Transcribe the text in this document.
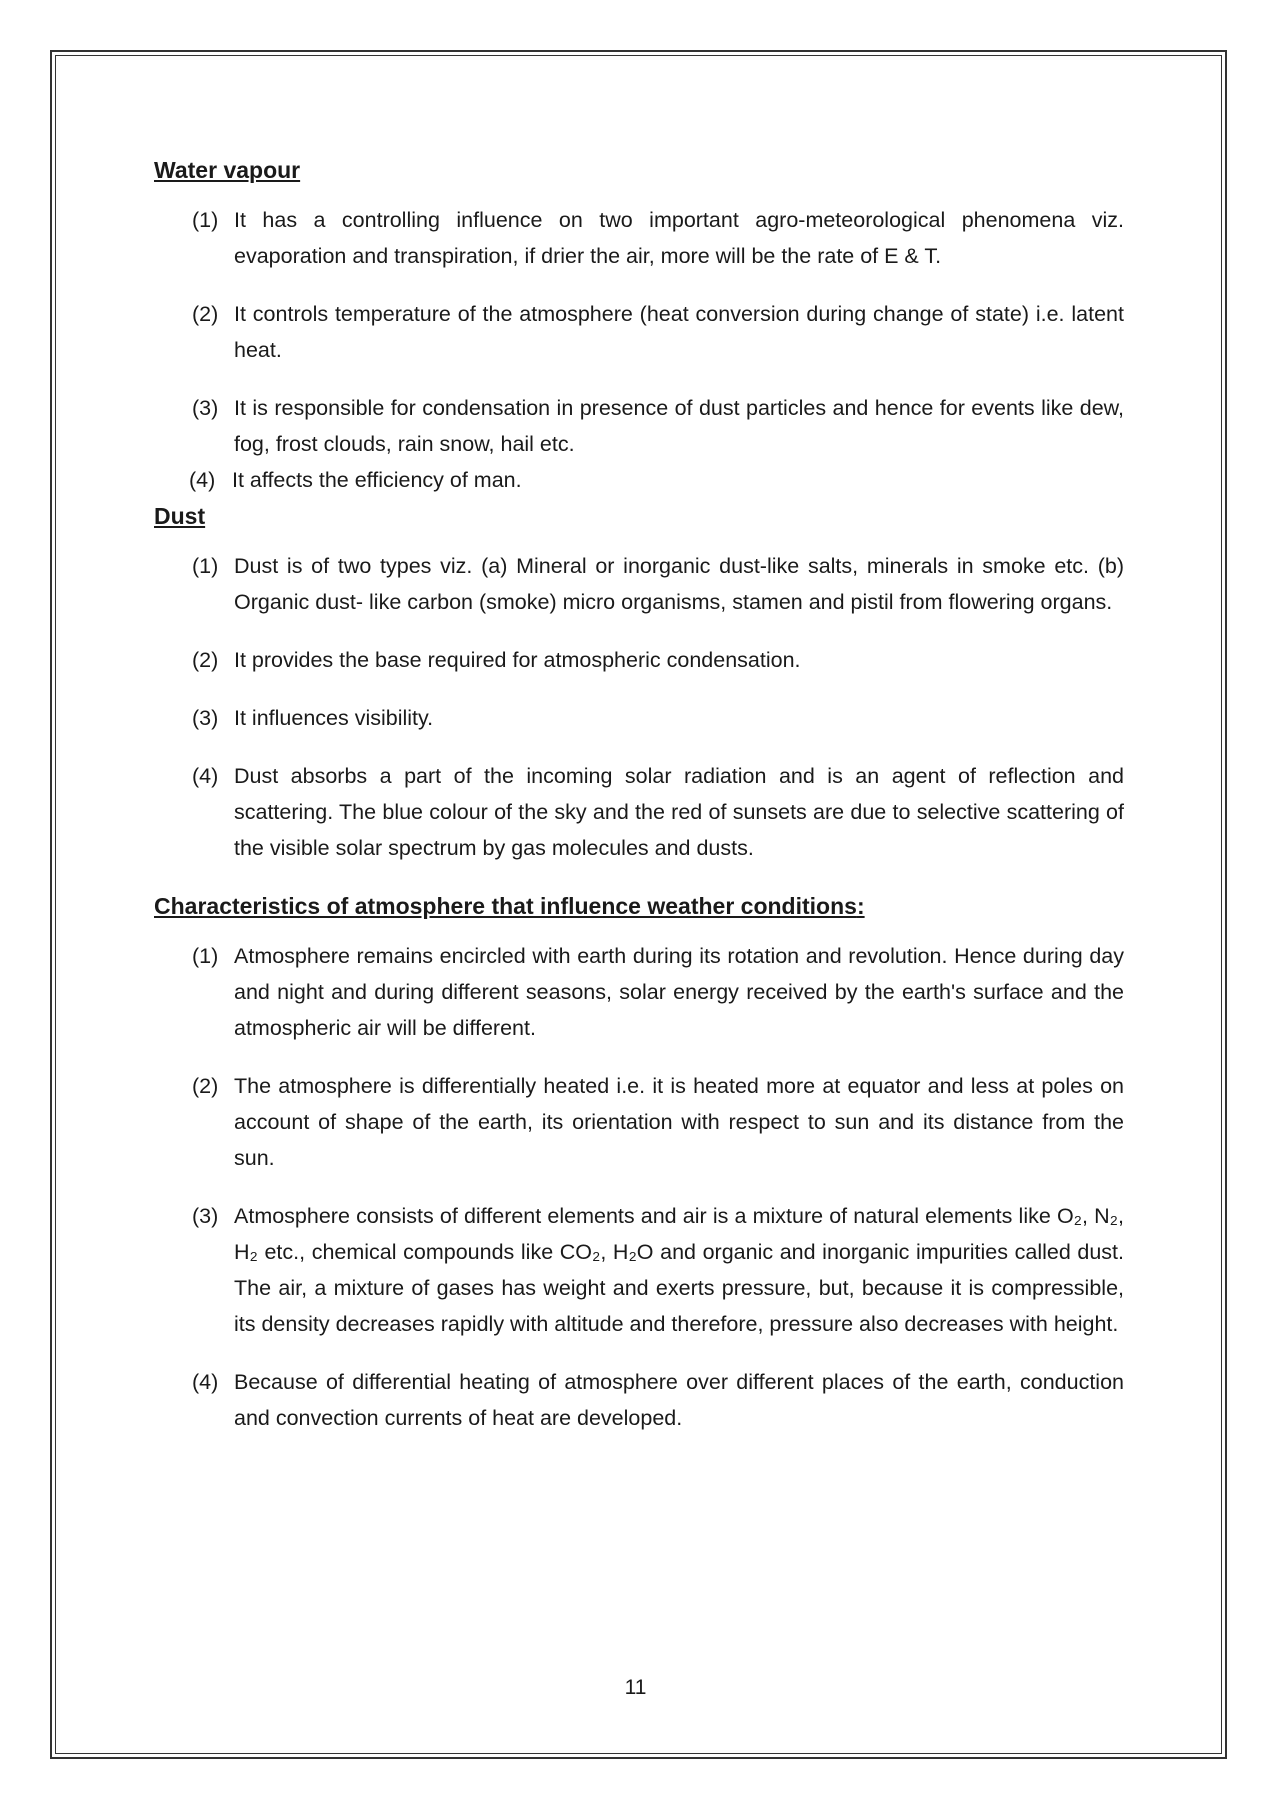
Water vapour
(1) It has a controlling influence on two important agro-meteorological phenomena viz. evaporation and transpiration, if drier the air, more will be the rate of E & T.
(2) It controls temperature of the atmosphere (heat conversion during change of state) i.e. latent heat.
(3) It is responsible for condensation in presence of dust particles and hence for events like dew, fog, frost clouds, rain snow, hail etc.
(4) It affects the efficiency of man.
Dust
(1) Dust is of two types viz. (a) Mineral or inorganic dust-like salts, minerals in smoke etc. (b) Organic dust- like carbon (smoke) micro organisms, stamen and pistil from flowering organs.
(2) It provides the base required for atmospheric condensation.
(3) It influences visibility.
(4) Dust absorbs a part of the incoming solar radiation and is an agent of reflection and scattering. The blue colour of the sky and the red of sunsets are due to selective scattering of the visible solar spectrum by gas molecules and dusts.
Characteristics of atmosphere that influence weather conditions:
(1) Atmosphere remains encircled with earth during its rotation and revolution. Hence during day and night and during different seasons, solar energy received by the earth's surface and the atmospheric air will be different.
(2) The atmosphere is differentially heated i.e. it is heated more at equator and less at poles on account of shape of the earth, its orientation with respect to sun and its distance from the sun.
(3) Atmosphere consists of different elements and air is a mixture of natural elements like O₂, N₂, H₂ etc., chemical compounds like CO₂, H₂O and organic and inorganic impurities called dust. The air, a mixture of gases has weight and exerts pressure, but, because it is compressible, its density decreases rapidly with altitude and therefore, pressure also decreases with height.
(4) Because of differential heating of atmosphere over different places of the earth, conduction and convection currents of heat are developed.
11
